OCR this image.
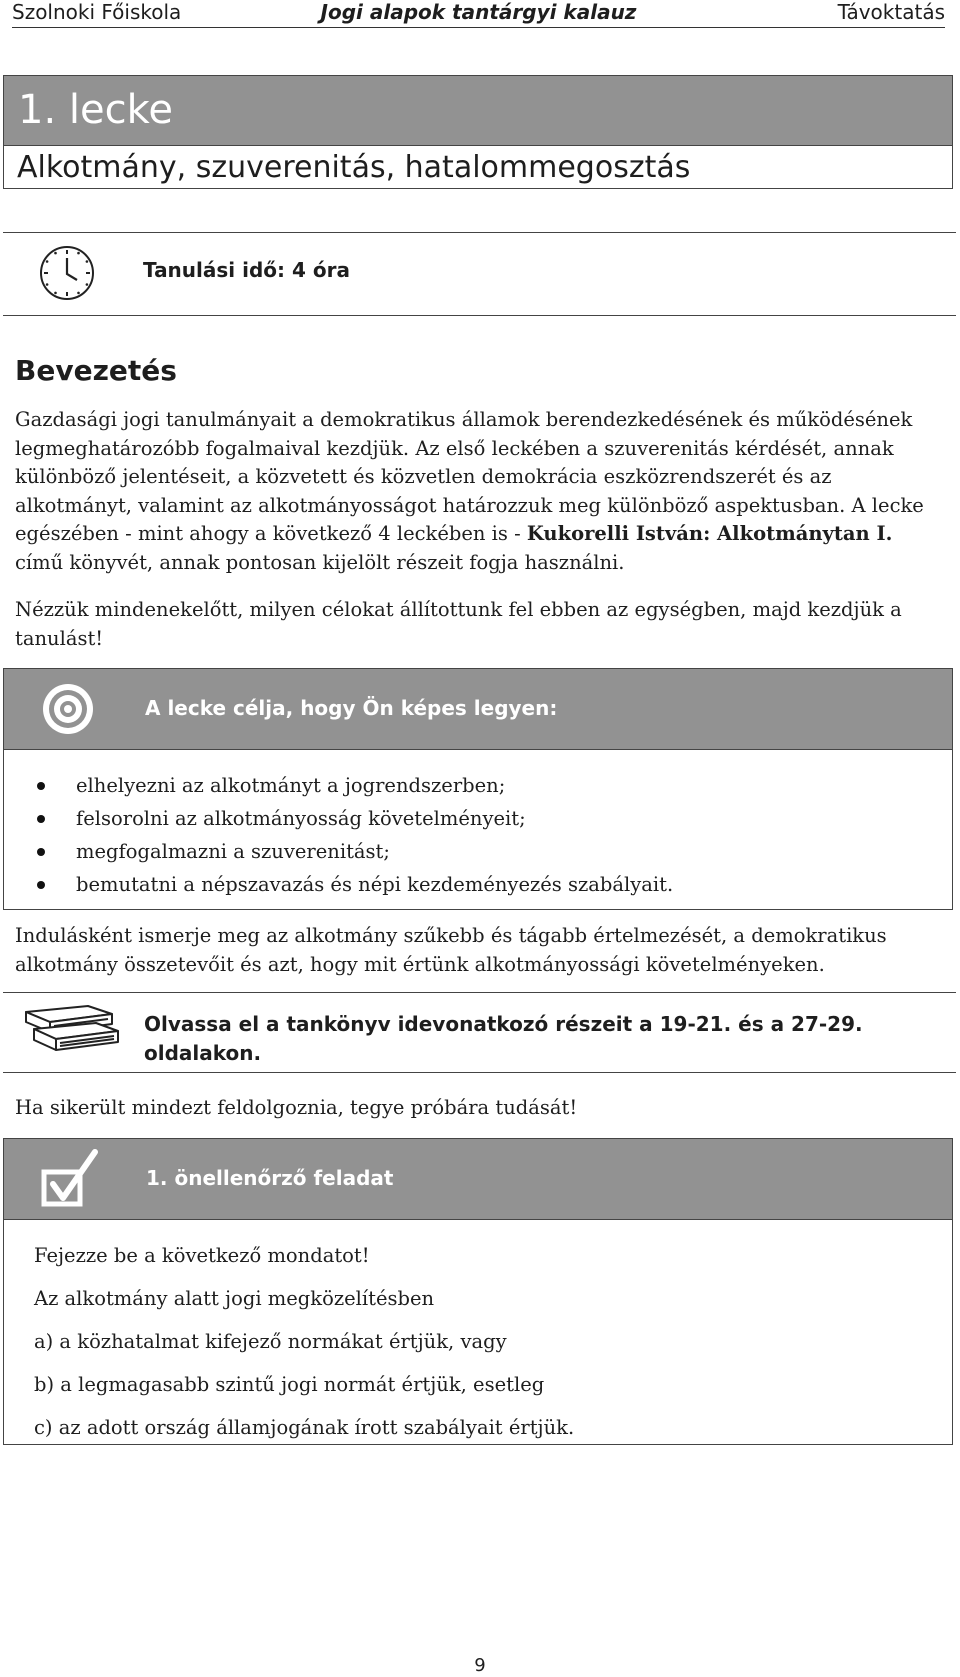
Szolnoki Főiskola	Jogi alapok tantárgyi kalauz	Távoktatás
1. lecke
Alkotmány, szuverenitás, hatalommegosztás
Tanulási idő: 4 óra
Bevezetés

Gazdasági jogi tanulmányait a demokratikus államok berendezkedésének és működésének legmeghatározóbb fogalmaival kezdjük. Az első leckében a szuverenitás kérdését, annak különböző jelentéseit, a közvetett és közvetlen demokrácia eszközrendszerét és az alkotmányt, valamint az alkotmányosságot határozzuk meg különböző aspektusban. A lecke egészében - mint ahogy a következő 4 leckében is - Kukorelli István: Alkotmánytan I. című könyvét, annak pontosan kijelölt részeit fogja használni.

Nézzük mindenekelőtt, milyen célokat állítottunk fel ebben az egységben, majd kezdjük a tanulást!

A lecke célja, hogy Ön képes legyen:
elhelyezni az alkotmányt a jogrendszerben;
felsorolni az alkotmányosság követelményeit;
megfogalmazni a szuverenitást;
bemutatni a népszavazás és népi kezdeményezés szabályait.

Indulásként ismerje meg az alkotmány szűkebb és tágabb értelmezését, a demokratikus alkotmány összetevőit és azt, hogy mit értünk alkotmányossági követelményeken.

Olvassa el a tankönyv idevonatkozó részeit a 19-21. és a 27-29. oldalakon.

Ha sikerült mindezt feldolgoznia, tegye próbára tudását!

1. önellenőrző feladat
Fejezze be a következő mondatot!
Az alkotmány alatt jogi megközelítésben
a) a közhatalmat kifejező normákat értjük, vagy
b) a legmagasabb szintű jogi normát értjük, esetleg
c) az adott ország államjogának írott szabályait értjük.
9
